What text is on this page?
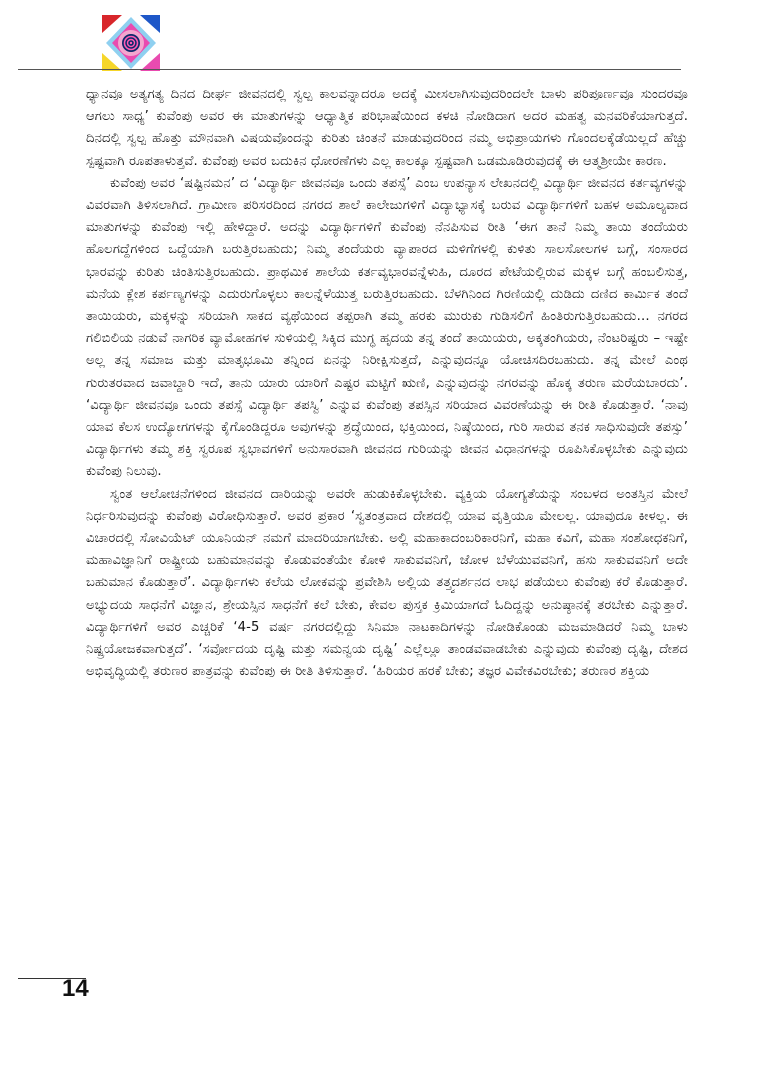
ಧ್ಯಾನವೂ ಅತ್ಯಗತ್ಯ ದಿನದ ದೀರ್ಘ ಜೀವನದಲ್ಲಿ ಸ್ವಲ್ಪ ಕಾಲವನ್ನಾದರೂ ಅದಕ್ಕೆ ಮೀಸಲಾಗಿಸುವುದರಿಂದಲೇ ಬಾಳು ಪರಿಪೂರ್ಣವೂ ಸುಂದರವೂ ಆಗಲು ಸಾಧ್ಯ’ ಕುವೆಂಪು ಅವರ ಈ ಮಾತುಗಳನ್ನು ಆಧ್ಯಾತ್ಮಿಕ ಪರಿಭಾಷೆಯಿಂದ ಕಳಚಿ ನೋಡಿದಾಗ ಅದರ ಮಹತ್ವ ಮನವರಿಕೆಯಾಗುತ್ತದೆ. ದಿನದಲ್ಲಿ ಸ್ವಲ್ಪ ಹೊತ್ತು ಮೌನವಾಗಿ ವಿಷಯವೊಂದನ್ನು ಕುರಿತು ಚಿಂತನೆ ಮಾಡುವುದರಿಂದ ನಮ್ಮ ಅಭಿಪ್ರಾಯಗಳು ಗೊಂದಲಕ್ಕೆಡೆಯಿಲ್ಲದೆ ಹೆಚ್ಚು ಸ್ಪಷ್ಟವಾಗಿ ರೂಪತಾಳುತ್ತವೆ. ಕುವೆಂಪು ಅವರ ಬದುಕಿನ ಧೋರಣೆಗಳು ಎಲ್ಲ ಕಾಲಕ್ಕೂ ಸ್ಪಷ್ಟವಾಗಿ ಒಡಮೂಡಿರುವುದಕ್ಕೆ ಈ ಆತ್ಮಶ್ರೀಯೇ ಕಾರಣ.

ಕುವೆಂಪು ಅವರ ‘ಷಷ್ಟಿನಮನ’ ದ ‘ವಿದ್ಯಾರ್ಥಿ ಜೀವನವೂ ಒಂದು ತಪಸ್ಸೆ’ ಎಂಬ ಉಪನ್ಯಾಸ ಲೇಖನದಲ್ಲಿ ವಿದ್ಯಾರ್ಥಿ ಜೀವನದ ಕರ್ತವ್ಯಗಳನ್ನು ವಿವರವಾಗಿ ತಿಳಿಸಲಾಗಿದೆ. ಗ್ರಾಮೀಣ ಪರಿಸರದಿಂದ ನಗರದ ಶಾಲೆ ಕಾಲೇಜುಗಳಿಗೆ ವಿದ್ಯಾಭ್ಯಾಸಕ್ಕೆ ಬರುವ ವಿದ್ಯಾರ್ಥಿಗಳಿಗೆ ಬಹಳ ಅಮೂಲ್ಯವಾದ ಮಾತುಗಳನ್ನು ಕುವೆಂಪು ಇಲ್ಲಿ ಹೇಳಿದ್ದಾರೆ. ಅದನ್ನು ವಿದ್ಯಾರ್ಥಿಗಳಿಗೆ ಕುವೆಂಪು ನೆನಪಿಸುವ ರೀತಿ ‘ಈಗ ತಾನೆ ನಿಮ್ಮ ತಾಯಿ ತಂದೆಯರು ಹೊಲಗದ್ದೆಗಳಿಂದ ಒದ್ದೆಯಾಗಿ ಬರುತ್ತಿರಬಹುದು; ನಿಮ್ಮ ತಂದೆಯರು ವ್ಯಾಪಾರದ ಮಳಿಗೆಗಳಲ್ಲಿ ಕುಳಿತು ಸಾಲಸೋಲಗಳ ಬಗ್ಗೆ, ಸಂಸಾರದ ಭಾರವನ್ನು ಕುರಿತು ಚಿಂತಿಸುತ್ತಿರಬಹುದು. ಪ್ರಾಥಮಿಕ ಶಾಲೆಯ ಕರ್ತವ್ಯಭಾರವನ್ನೆಳುಹಿ, ದೂರದ ಪೇಟೆಯಲ್ಲಿರುವ ಮಕ್ಕಳ ಬಗ್ಗೆ ಹಂಬಲಿಸುತ್ತ, ಮನೆಯ ಕ್ಲೇಶ ಕರ್ಪಣ್ಯಗಳನ್ನು ಎದುರುಗೊಳ್ಳಲು ಕಾಲನ್ನೆಳೆಯುತ್ತ ಬರುತ್ತಿರಬಹುದು. ಬೆಳಗಿನಿಂದ ಗಿರಣಿಯಲ್ಲಿ ದುಡಿದು ದಣಿದ ಕಾರ್ಮಿಕ ತಂದೆ ತಾಯಿಯರು, ಮಕ್ಕಳನ್ನು ಸರಿಯಾಗಿ ಸಾಕದ ವ್ಯಥೆಯಿಂದ ತಪ್ಪರಾಗಿ ತಮ್ಮ ಹರಕು ಮುರುಕು ಗುಡಿಸಲಿಗೆ ಹಿಂತಿರುಗುತ್ತಿರಬಹುದು… ನಗರದ ಗಲಿಬಿಲಿಯ ನಡುವೆ ನಾಗರಿಕ ವ್ಯಾಮೋಹಗಳ ಸುಳಿಯಲ್ಲಿ ಸಿಕ್ಕಿದ ಮುಗ್ಧ ಹೃದಯ ತನ್ನ ತಂದೆ ತಾಯಿಯರು, ಅಕ್ಕತಂಗಿಯರು, ನೆಂಟರಿಷ್ಟರು – ಇಷ್ಟೇ ಅಲ್ಲ ತನ್ನ ಸಮಾಜ ಮತ್ತು ಮಾತೃಭೂಮಿ ತನ್ನಿಂದ ಏನನ್ನು ನಿರೀಕ್ಷಿಸುತ್ತದೆ, ಎನ್ನುವುದನ್ನೂ ಯೋಚಿಸದಿರಬಹುದು. ತನ್ನ ಮೇಲೆ ಎಂಥ ಗುರುತರವಾದ ಜವಾಬ್ದಾರಿ ಇದೆ, ತಾನು ಯಾರು ಯಾರಿಗೆ ಎಷ್ಟರ ಮಟ್ಟಿಗೆ ಋಣಿ, ಎನ್ನುವುದನ್ನು ನಗರವನ್ನು ಹೊಕ್ಕ ತರುಣ ಮರೆಯಬಾರದು’. ‘ವಿದ್ಯಾರ್ಥಿ ಜೀವನವೂ ಒಂದು ತಪಸ್ಸೆ ವಿದ್ಯಾರ್ಥಿ ತಪಸ್ವಿ’ ಎನ್ನುವ ಕುವೆಂಪು ತಪಸ್ಸಿನ ಸರಿಯಾದ ವಿವರಣೆಯನ್ನು ಈ ರೀತಿ ಕೊಡುತ್ತಾರೆ. ‘ನಾವು ಯಾವ ಕೆಲಸ ಉದ್ಯೋಗಗಳನ್ನು ಕೈಗೊಂಡಿದ್ದರೂ ಅವುಗಳನ್ನು ಶ್ರದ್ಧೆಯಿಂದ, ಭಕ್ತಿಯಿಂದ, ನಿಷ್ಠೆಯಿಂದ, ಗುರಿ ಸಾರುವ ತನಕ ಸಾಧಿಸುವುದೇ ತಪಸ್ಸು’ ವಿದ್ಯಾರ್ಥಿಗಳು ತಮ್ಮ ಶಕ್ತಿ ಸ್ವರೂಪ ಸ್ವಭಾವಗಳಿಗೆ ಅನುಸಾರವಾಗಿ ಜೀವನದ ಗುರಿಯನ್ನು ಜೀವನ ವಿಧಾನಗಳನ್ನು ರೂಪಿಸಿಕೊಳ್ಳಬೇಕು ಎನ್ನುವುದು ಕುವೆಂಪು ನಿಲುವು.

ಸ್ವಂತ ಆಲೋಚನೆಗಳಿಂದ ಜೀವನದ ದಾರಿಯನ್ನು ಅವರೇ ಹುಡುಕಿಕೊಳ್ಳಬೇಕು. ವ್ಯಕ್ತಿಯ ಯೋಗ್ಯತೆಯನ್ನು ಸಂಬಳದ ಅಂತಸ್ತಿನ ಮೇಲೆ ನಿರ್ಧರಿಸುವುದನ್ನು ಕುವೆಂಪು ವಿರೋಧಿಸುತ್ತಾರೆ. ಅವರ ಪ್ರಕಾರ ‘ಸ್ವತಂತ್ರವಾದ ದೇಶದಲ್ಲಿ ಯಾವ ವೃತ್ತಿಯೂ ಮೇಲಲ್ಲ. ಯಾವುದೂ ಕೀಳಲ್ಲ. ಈ ವಿಚಾರದಲ್ಲಿ ಸೋವಿಯೆಟ್ ಯೂನಿಯನ್ ನಮಗೆ ಮಾದರಿಯಾಗಬೇಕು. ಅಲ್ಲಿ ಮಹಾಕಾದಂಬರಿಕಾರನಿಗೆ, ಮಹಾ ಕವಿಗೆ, ಮಹಾ ಸಂಶೋಧಕನಿಗೆ, ಮಹಾವಿಜ್ಞಾನಿಗೆ ರಾಷ್ಟ್ರೀಯ ಬಹುಮಾನವನ್ನು ಕೊಡುವಂತೆಯೇ ಕೋಳಿ ಸಾಕುವವನಿಗೆ, ಜೋಳ ಬೆಳೆಯುವವನಿಗೆ, ಹಸು ಸಾಕುವವನಿಗೆ ಅದೇ ಬಹುಮಾನ ಕೊಡುತ್ತಾರೆ’. ವಿದ್ಯಾರ್ಥಿಗಳು ಕಲೆಯ ಲೋಕವನ್ನು ಪ್ರವೇಶಿಸಿ ಅಲ್ಲಿಯ ತತ್ತ್ವದರ್ಶನದ ಲಾಭ ಪಡೆಯಲು ಕುವೆಂಪು ಕರೆ ಕೊಡುತ್ತಾರೆ. ಅಭ್ಯುದಯ ಸಾಧನೆಗೆ ವಿಜ್ಞಾನ, ಶ್ರೇಯಸ್ಸಿನ ಸಾಧನೆಗೆ ಕಲೆ ಬೇಕು, ಕೇವಲ ಪುಸ್ತಕ ಕ್ರಿಮಿಯಾಗದೆ ಓದಿದ್ದನ್ನು ಅನುಷ್ಠಾನಕ್ಕೆ ತರಬೇಕು ಎನ್ನುತ್ತಾರೆ. ವಿದ್ಯಾರ್ಥಿಗಳಿಗೆ ಅವರ ಎಚ್ಚರಿಕೆ ‘4-5 ವರ್ಷ ನಗರದಲ್ಲಿದ್ದು ಸಿನಿಮಾ ನಾಟಕಾದಿಗಳನ್ನು ನೋಡಿಕೊಂಡು ಮಜಮಾಡಿದರೆ ನಿಮ್ಮ ಬಾಳು ನಿಷ್ಪ್ರಯೋಜಕವಾಗುತ್ತದೆ’. ‘ಸರ್ವೋದಯ ದೃಷ್ಟಿ ಮತ್ತು ಸಮನ್ವಯ ದೃಷ್ಟಿ’ ಎಲ್ಲೆಲ್ಲೂ ತಾಂಡವವಾಡಬೇಕು ಎನ್ನುವುದು ಕುವೆಂಪು ದೃಷ್ಟಿ, ದೇಶದ ಅಭಿವೃದ್ಧಿಯಲ್ಲಿ ತರುಣರ ಪಾತ್ರವನ್ನು ಕುವೆಂಪು ಈ ರೀತಿ ತಿಳಿಸುತ್ತಾರೆ. ‘ಹಿರಿಯರ ಹರಕೆ ಬೇಕು; ತಜ್ಞರ ವಿವೇಕವಿರಬೇಕು; ತರುಣರ ಶಕ್ತಿಯ

14
